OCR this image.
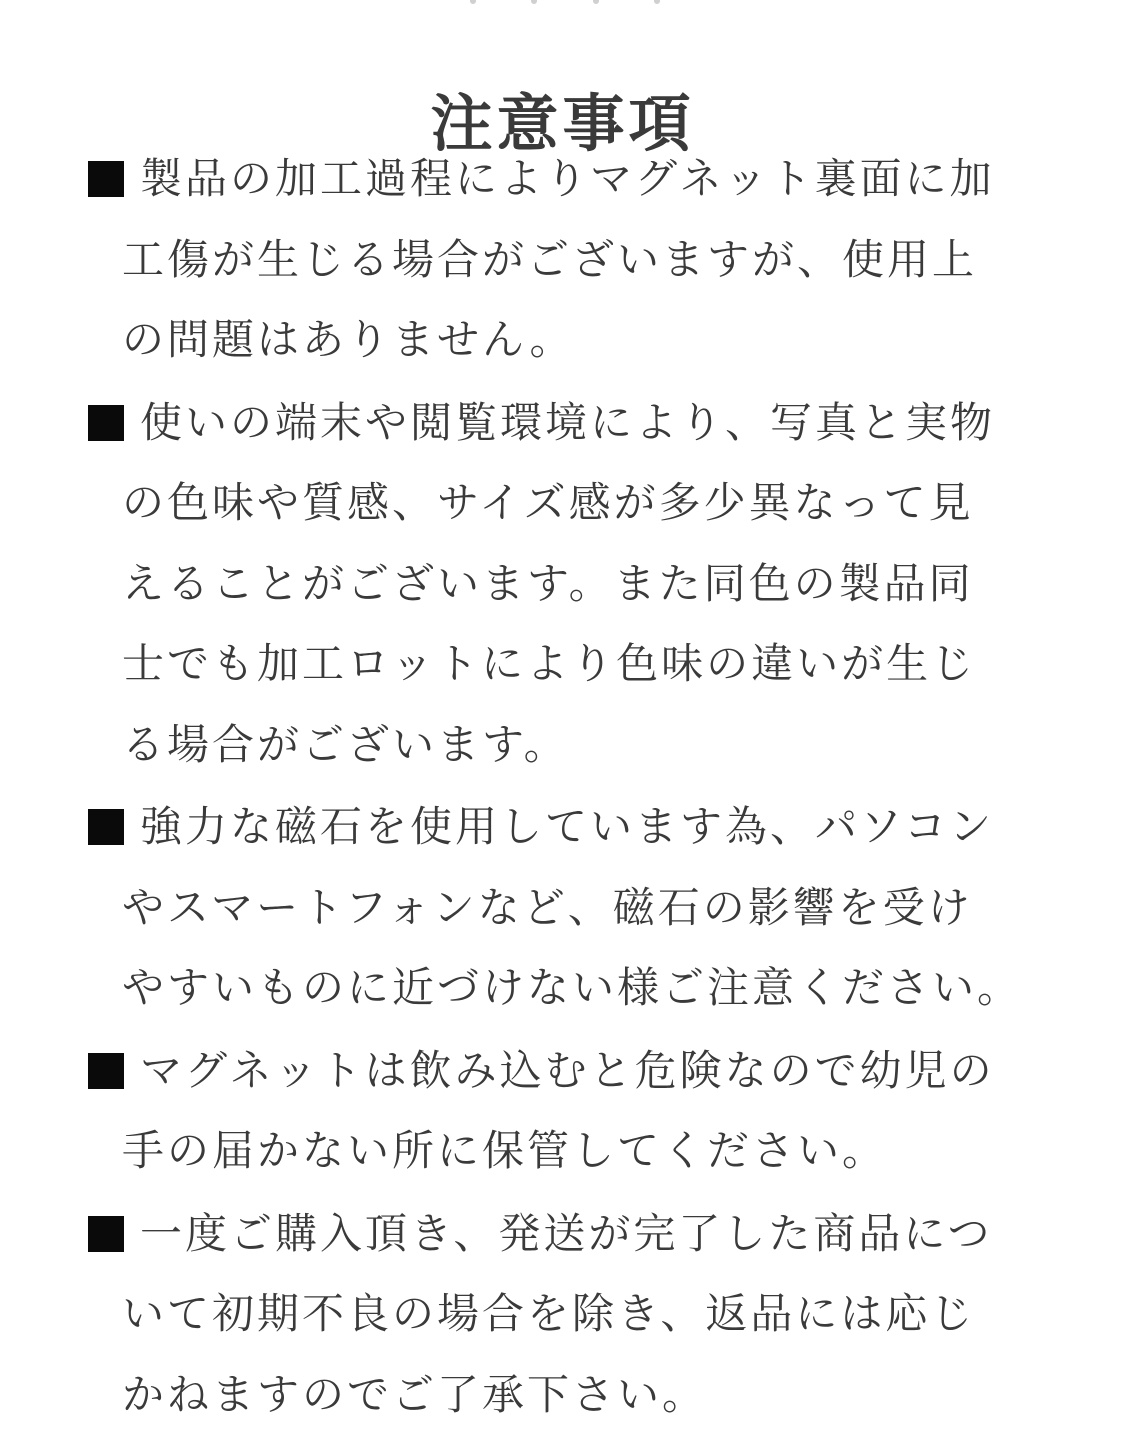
注意事項
製品の加工過程によりマグネット裏面に加
工傷が生じる場合がございますが、使用上
の問題はありません。
使いの端末や閲覧環境により、写真と実物
の色味や質感、サイズ感が多少異なって見
えることがございます。また同色の製品同
士でも加工ロットにより色味の違いが生じ
る場合がございます。
強力な磁石を使用しています為、パソコン
やスマートフォンなど、磁石の影響を受け
やすいものに近づけない様ご注意ください。
マグネットは飲み込むと危険なので幼児の
手の届かない所に保管してください。
一度ご購入頂き、発送が完了した商品につ
いて初期不良の場合を除き、返品には応じ
かねますのでご了承下さい。
